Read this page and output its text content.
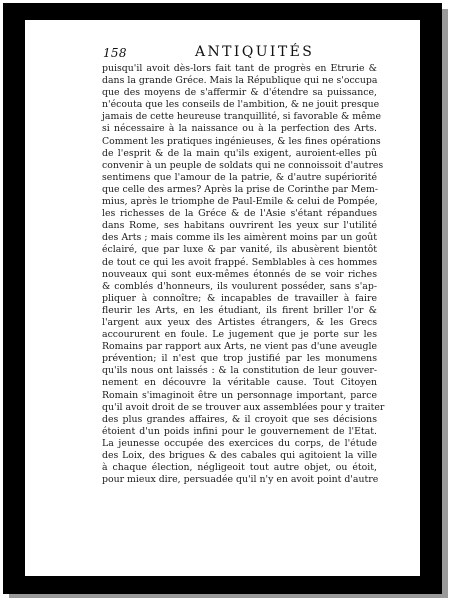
158	ANTIQUITÉS
puisqu'il avoit dès-lors fait tant de progrès en Etrurie &
dans la grande Gréce. Mais la République qui ne s'occupa
que des moyens de s'affermir & d'étendre sa puissance,
n'écouta que les conseils de l'ambition, & ne jouit presque
jamais de cette heureuse tranquillité, si favorable & même
si nécessaire à la naissance ou à la perfection des Arts.
Comment les pratiques ingénieuses, & les fines opérations
de l'esprit & de la main qu'ils exigent, auroient-elles pû
convenir à un peuple de soldats qui ne connoissoit d'autres
sentimens que l'amour de la patrie, & d'autre supériorité
que celle des armes? Après la prise de Corinthe par Mem-
mius, après le triomphe de Paul-Emile & celui de Pompée,
les richesses de la Gréce & de l'Asie s'étant répandues
dans Rome, ses habitans ouvrirent les yeux sur l'utilité
des Arts ; mais comme ils les aimèrent moins par un goût
éclairé, que par luxe & par vanité, ils abusèrent bientôt
de tout ce qui les avoit frappé. Semblables à ces hommes
nouveaux qui sont eux-mêmes étonnés de se voir riches
& comblés d'honneurs, ils voulurent posséder, sans s'ap-
pliquer à connoître; & incapables de travailler à faire
fleurir les Arts, en les étudiant, ils firent briller l'or &
l'argent aux yeux des Artistes étrangers, & les Grecs
accoururent en foule. Le jugement que je porte sur les
Romains par rapport aux Arts, ne vient pas d'une aveugle
prévention; il n'est que trop justifié par les monumens
qu'ils nous ont laissés : & la constitution de leur gouver-
nement en découvre la véritable cause. Tout Citoyen
Romain s'imaginoit être un personnage important, parce
qu'il avoit droit de se trouver aux assemblées pour y traiter
des plus grandes affaires, & il croyoit que ses décisions
étoient d'un poids infini pour le gouvernement de l'Etat.
La jeunesse occupée des exercices du corps, de l'étude
des Loix, des brigues & des cabales qui agitoient la ville
à chaque élection, négligeoit tout autre objet, ou étoit,
pour mieux dire, persuadée qu'il n'y en avoit point d'autre
